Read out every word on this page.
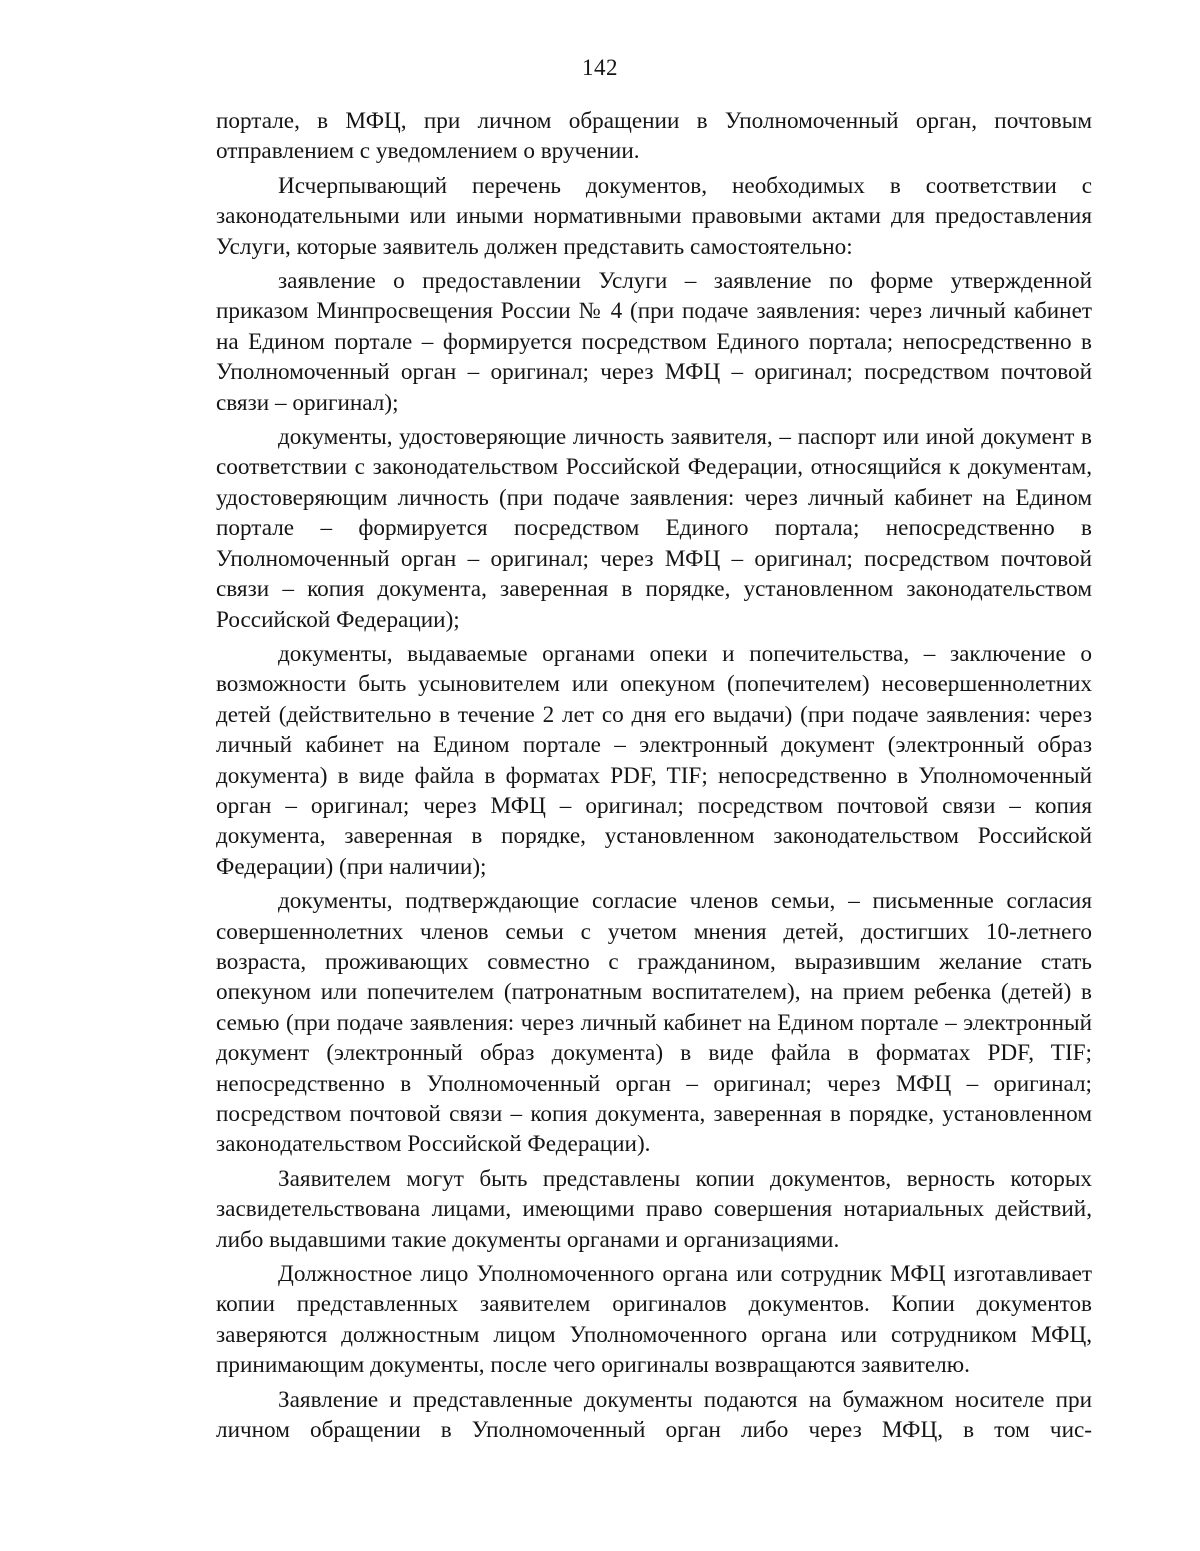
142

портале, в МФЦ, при личном обращении в Уполномоченный орган, почтовым отправлением с уведомлением о вручении.

Исчерпывающий перечень документов, необходимых в соответствии с законодательными или иными нормативными правовыми актами для предоставления Услуги, которые заявитель должен представить самостоятельно:

заявление о предоставлении Услуги – заявление по форме утвержденной приказом Минпросвещения России № 4 (при подаче заявления: через личный кабинет на Едином портале – формируется посредством Единого портала; непосредственно в Уполномоченный орган – оригинал; через МФЦ – оригинал; посредством почтовой связи – оригинал);

документы, удостоверяющие личность заявителя, – паспорт или иной документ в соответствии с законодательством Российской Федерации, относящийся к документам, удостоверяющим личность (при подаче заявления: через личный кабинет на Едином портале – формируется посредством Единого портала; непосредственно в Уполномоченный орган – оригинал; через МФЦ – оригинал; посредством почтовой связи – копия документа, заверенная в порядке, установленном законодательством Российской Федерации);

документы, выдаваемые органами опеки и попечительства, – заключение о возможности быть усыновителем или опекуном (попечителем) несовершеннолетних детей (действительно в течение 2 лет со дня его выдачи) (при подаче заявления: через личный кабинет на Едином портале – электронный документ (электронный образ документа) в виде файла в форматах PDF, TIF; непосредственно в Уполномоченный орган – оригинал; через МФЦ – оригинал; посредством почтовой связи – копия документа, заверенная в порядке, установленном законодательством Российской Федерации) (при наличии);

документы, подтверждающие согласие членов семьи, – письменные согласия совершеннолетних членов семьи с учетом мнения детей, достигших 10-летнего возраста, проживающих совместно с гражданином, выразившим желание стать опекуном или попечителем (патронатным воспитателем), на прием ребенка (детей) в семью (при подаче заявления: через личный кабинет на Едином портале – электронный документ (электронный образ документа) в виде файла в форматах PDF, TIF; непосредственно в Уполномоченный орган – оригинал; через МФЦ – оригинал; посредством почтовой связи – копия документа, заверенная в порядке, установленном законодательством Российской Федерации).

Заявителем могут быть представлены копии документов, верность которых засвидетельствована лицами, имеющими право совершения нотариальных действий, либо выдавшими такие документы органами и организациями.

Должностное лицо Уполномоченного органа или сотрудник МФЦ изготавливает копии представленных заявителем оригиналов документов. Копии документов заверяются должностным лицом Уполномоченного органа или сотрудником МФЦ, принимающим документы, после чего оригиналы возвращаются заявителю.

Заявление и представленные документы подаются на бумажном носителе при личном обращении в Уполномоченный орган либо через МФЦ, в том чис-
